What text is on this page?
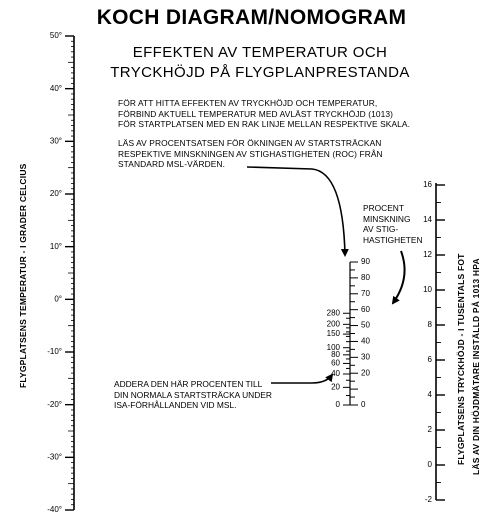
KOCH DIAGRAM/NOMOGRAM
EFFEKTEN AV TEMPERATUR OCH
TRYCKHÖJD PÅ FLYGPLANPRESTANDA
FÖR ATT HITTA EFFEKTEN AV TRYCKHÖJD OCH TEMPERATUR,
FÖRBIND AKTUELL TEMPERATUR MED AVLÄST TRYCKHÖJD (1013)
FÖR STARTPLATSEN MED EN RAK LINJE MELLAN RESPEKTIVE SKALA.
LÄS AV PROCENTSATSEN FÖR ÖKNINGEN AV STARTSTRÄCKAN
RESPEKTIVE MINSKNINGEN AV STIGHASTIGHETEN (ROC) FRÅN
STANDARD MSL-VÄRDEN.
PROCENT
MINSKNING
AV STIG-
HASTIGHETEN
ADDERA DEN HÄR PROCENTEN TILL
DIN NORMALA STARTSTRÄCKA UNDER
ISA-FÖRHÅLLANDEN VID MSL.
FLYGPLATSENS TEMPERATUR - I GRADER CELCIUS	FLYGPLATSENS TRYCKHÖJD - I TUSENTALS FOT LÄS AV DIN HÖJDMÄTARE INSTÄLLD PÅ 1013 HPA
50°
40°
30°
20°
10°
0°
-10°
-20°
-30°
-40°
280
200
150
100
80
60
40
20
0
90
80
60
40
20
0
70
50
30
16
14
12
10
8
6
4
2
0
-2
